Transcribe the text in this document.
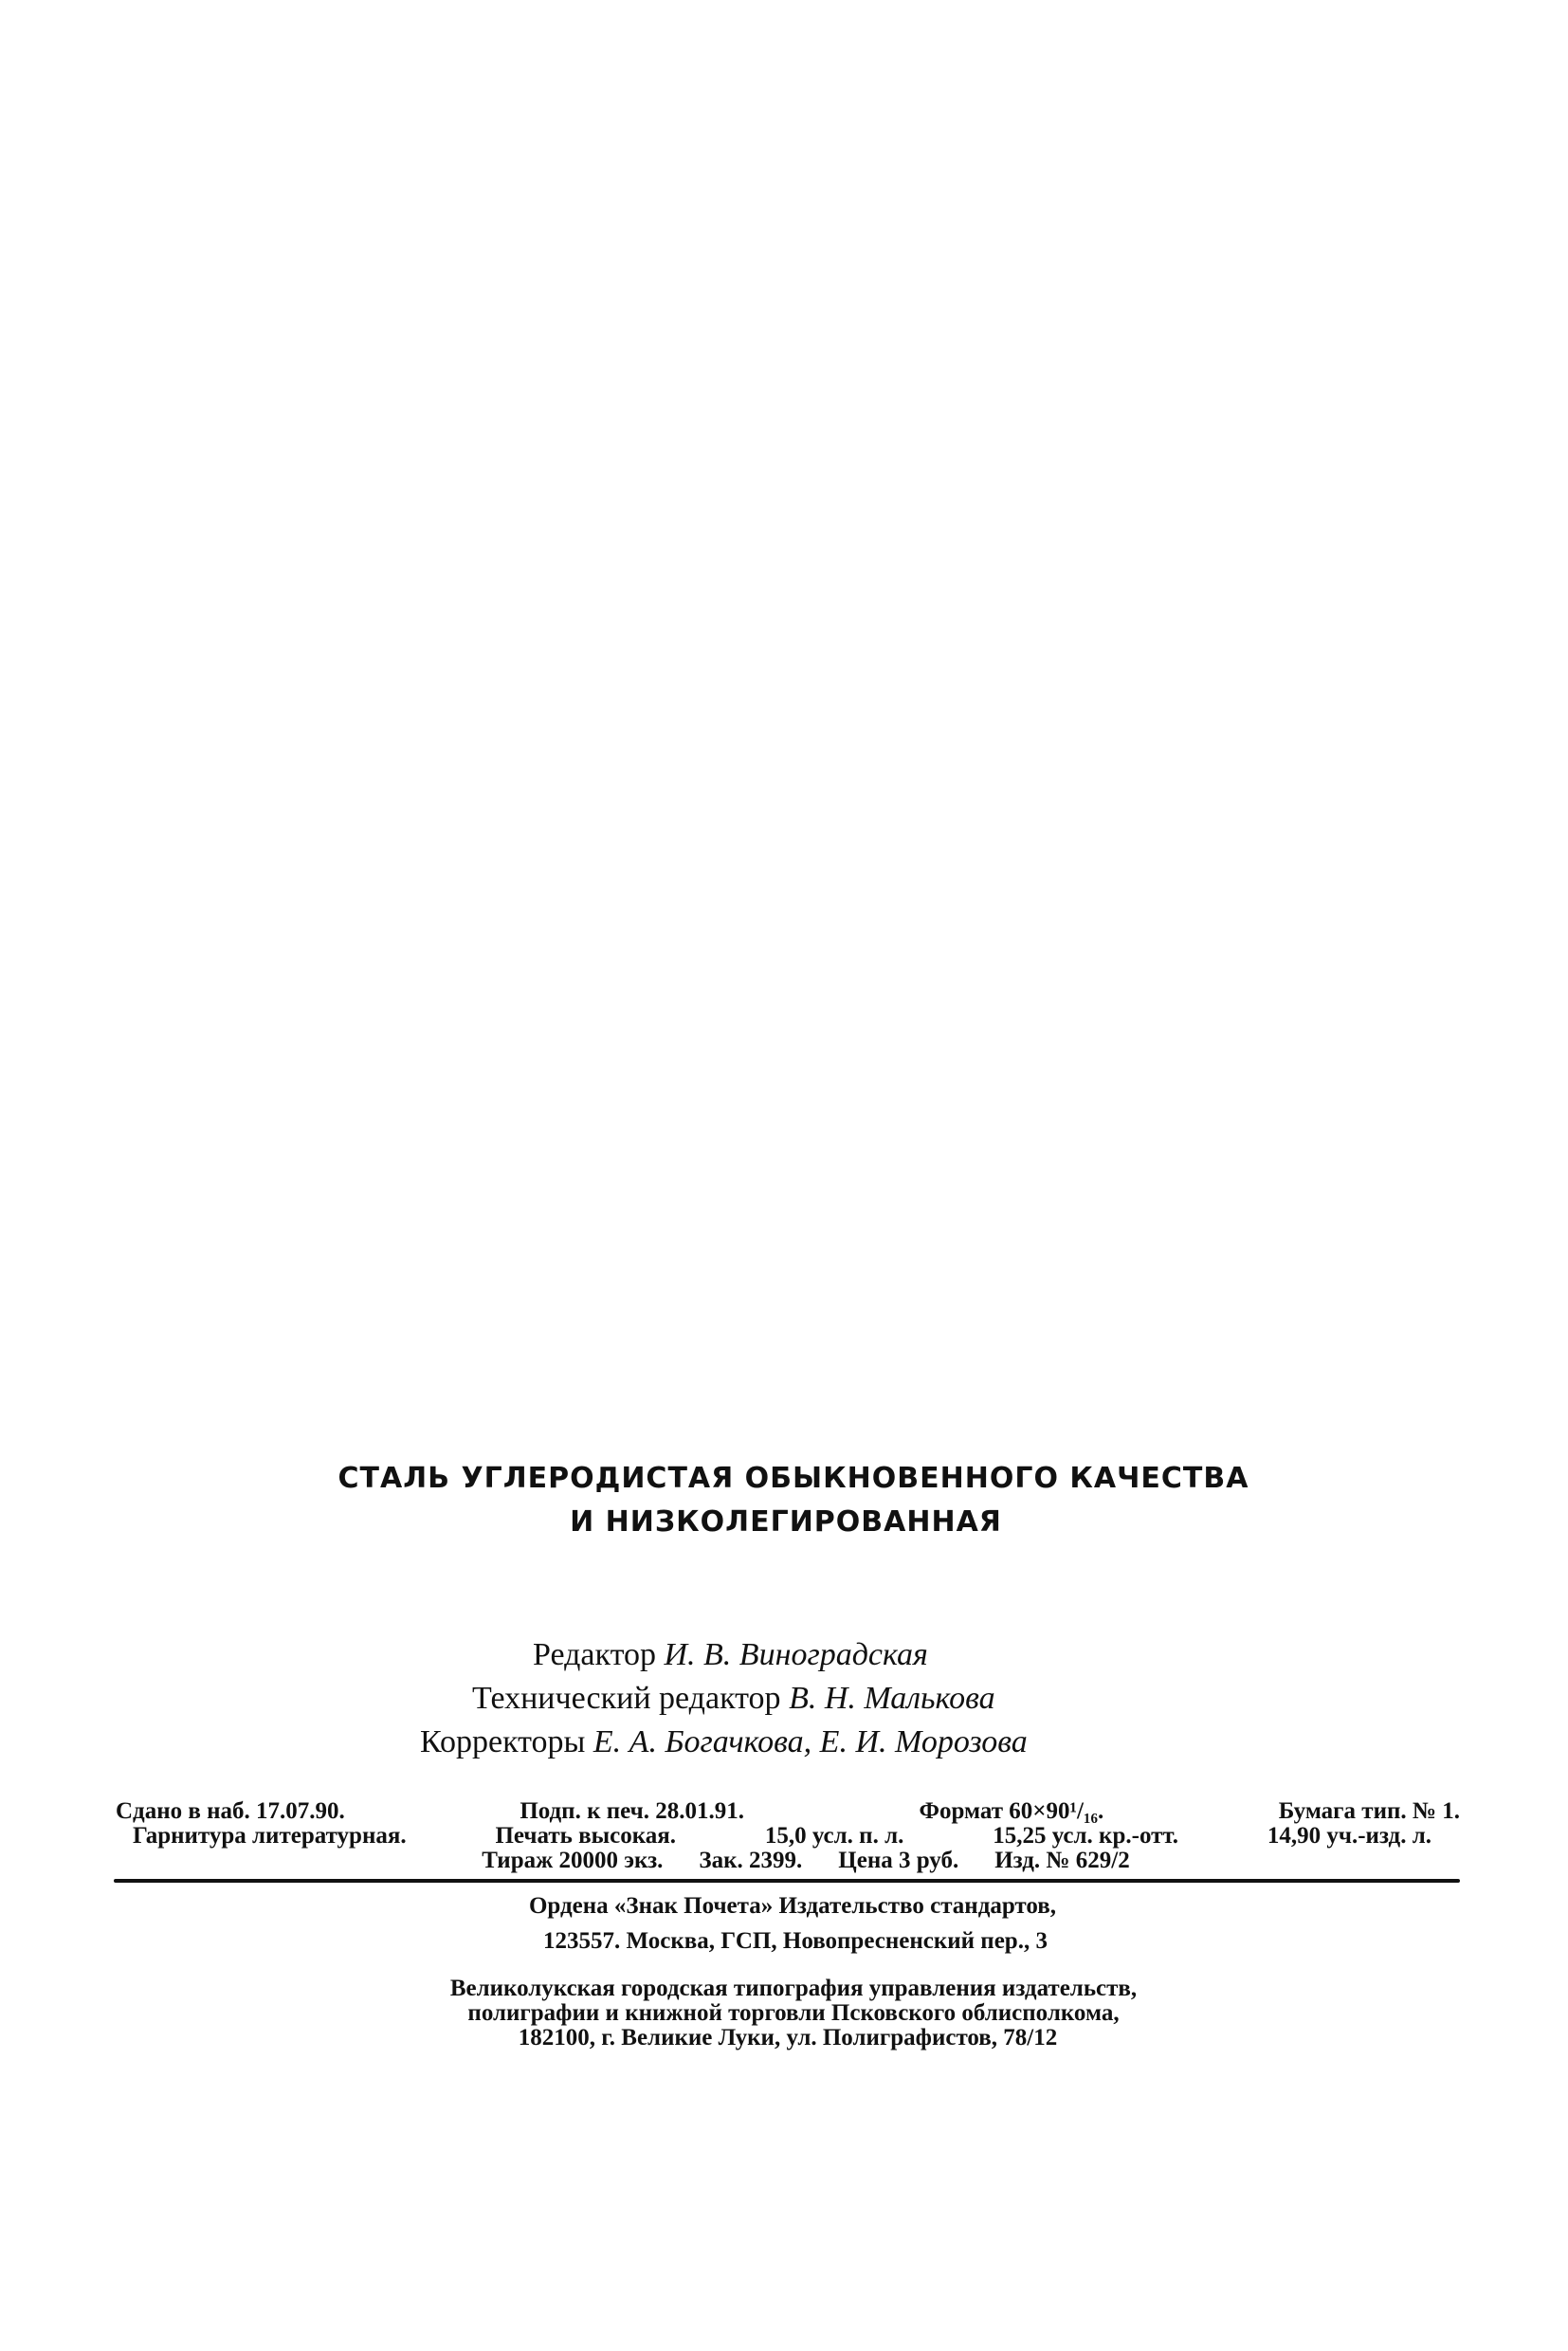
СТАЛЬ УГЛЕРОДИСТАЯ ОБЫКНОВЕННОГО КАЧЕСТВА
И НИЗКОЛЕГИРОВАННАЯ
Редактор И. В. Виноградская
Технический редактор В. Н. Малькова
Корректоры Е. А. Богачкова, Е. И. Морозова
Сдано в наб. 17.07.90.	Подп. к печ. 28.01.91.	Формат 60×90¹/₁₆.	Бумага тип. № 1.
Гарнитура литературная.	Печать высокая.	15,0 усл. п. л.	15,25 усл. кр.-отт.	14,90 уч.-изд. л.
Тираж 20000 экз. Зак. 2399. Цена 3 руб. Изд. № 629/2
Ордена «Знак Почета» Издательство стандартов,
123557. Москва, ГСП, Новопресненский пер., 3
Великолукская городская типография управления издательств,
полиграфии и книжной торговли Псковского облисполкома,
182100, г. Великие Луки, ул. Полиграфистов, 78/12
